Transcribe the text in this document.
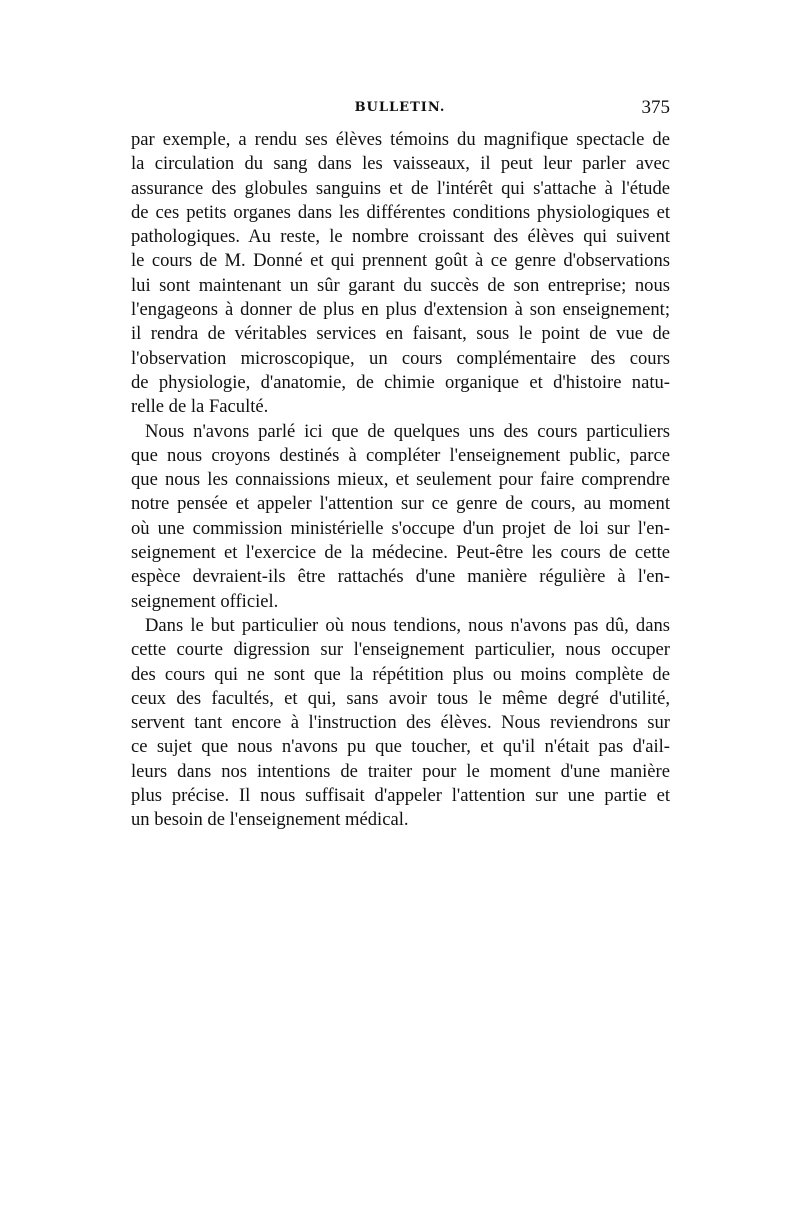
BULLETIN.	375
par exemple, a rendu ses élèves témoins du magnifique spectacle de
la circulation du sang dans les vaisseaux, il peut leur parler avec
assurance des globules sanguins et de l'intérêt qui s'attache à l'étude
de ces petits organes dans les différentes conditions physiologiques et
pathologiques. Au reste, le nombre croissant des élèves qui suivent
le cours de M. Donné et qui prennent goût à ce genre d'observations
lui sont maintenant un sûr garant du succès de son entreprise; nous
l'engageons à donner de plus en plus d'extension à son enseignement;
il rendra de véritables services en faisant, sous le point de vue de
l'observation microscopique, un cours complémentaire des cours
de physiologie, d'anatomie, de chimie organique et d'histoire natu-
relle de la Faculté.
Nous n'avons parlé ici que de quelques uns des cours particuliers
que nous croyons destinés à compléter l'enseignement public, parce
que nous les connaissions mieux, et seulement pour faire comprendre
notre pensée et appeler l'attention sur ce genre de cours, au moment
où une commission ministérielle s'occupe d'un projet de loi sur l'en-
seignement et l'exercice de la médecine. Peut-être les cours de cette
espèce devraient-ils être rattachés d'une manière régulière à l'en-
seignement officiel.
Dans le but particulier où nous tendions, nous n'avons pas dû, dans
cette courte digression sur l'enseignement particulier, nous occuper
des cours qui ne sont que la répétition plus ou moins complète de
ceux des facultés, et qui, sans avoir tous le même degré d'utilité,
servent tant encore à l'instruction des élèves. Nous reviendrons sur
ce sujet que nous n'avons pu que toucher, et qu'il n'était pas d'ail-
leurs dans nos intentions de traiter pour le moment d'une manière
plus précise. Il nous suffisait d'appeler l'attention sur une partie et
un besoin de l'enseignement médical.
